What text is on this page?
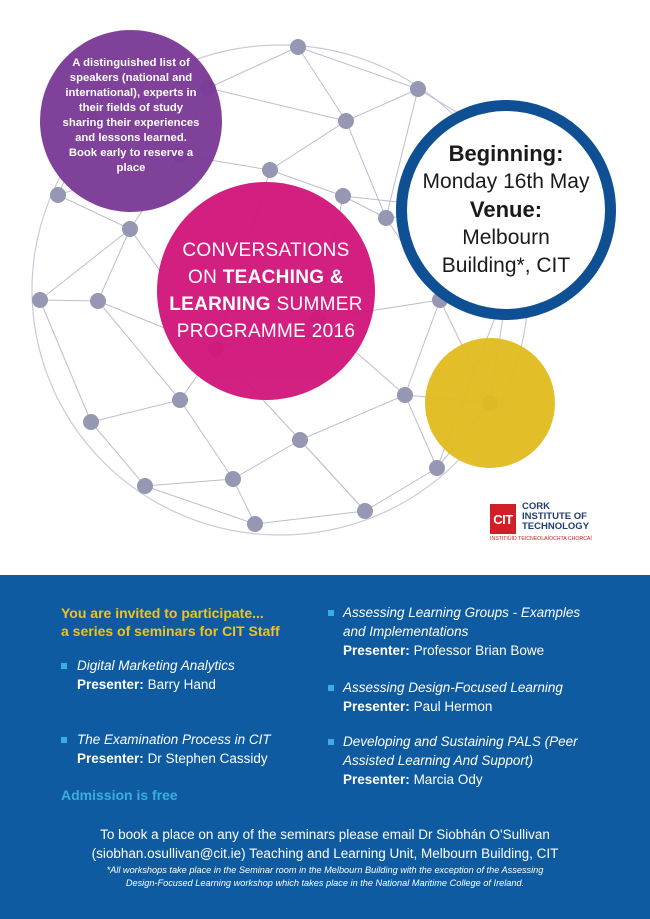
A distinguished list of speakers (national and international), experts in their fields of study sharing their experiences and lessons learned. Book early to reserve a place
CONVERSATIONS
ON TEACHING &
LEARNING SUMMER
PROGRAMME 2016
Beginning:
Monday 16th May
Venue:
Melbourn
Building*, CIT
CIT
CORK
INSTITUTE OF
TECHNOLOGY
INSTITIÚID TEICNEOLAÍOCHTA CHORCAÍ
You are invited to participate...
a series of seminars for CIT Staff
Digital Marketing Analytics
Presenter: Barry Hand
The Examination Process in CIT
Presenter: Dr Stephen Cassidy
Assessing Learning Groups - Examples
and Implementations
Presenter: Professor Brian Bowe
Assessing Design-Focused Learning
Presenter: Paul Hermon
Developing and Sustaining PALS (Peer
Assisted Learning And Support)
Presenter: Marcia Ody
Admission is free
To book a place on any of the seminars please email Dr Siobhán O'Sullivan
(siobhan.osullivan@cit.ie) Teaching and Learning Unit, Melbourn Building, CIT
*All workshops take place in the Seminar room in the Melbourn Building with the exception of the Assessing
Design-Focused Learning workshop which takes place in the National Maritime College of Ireland.
